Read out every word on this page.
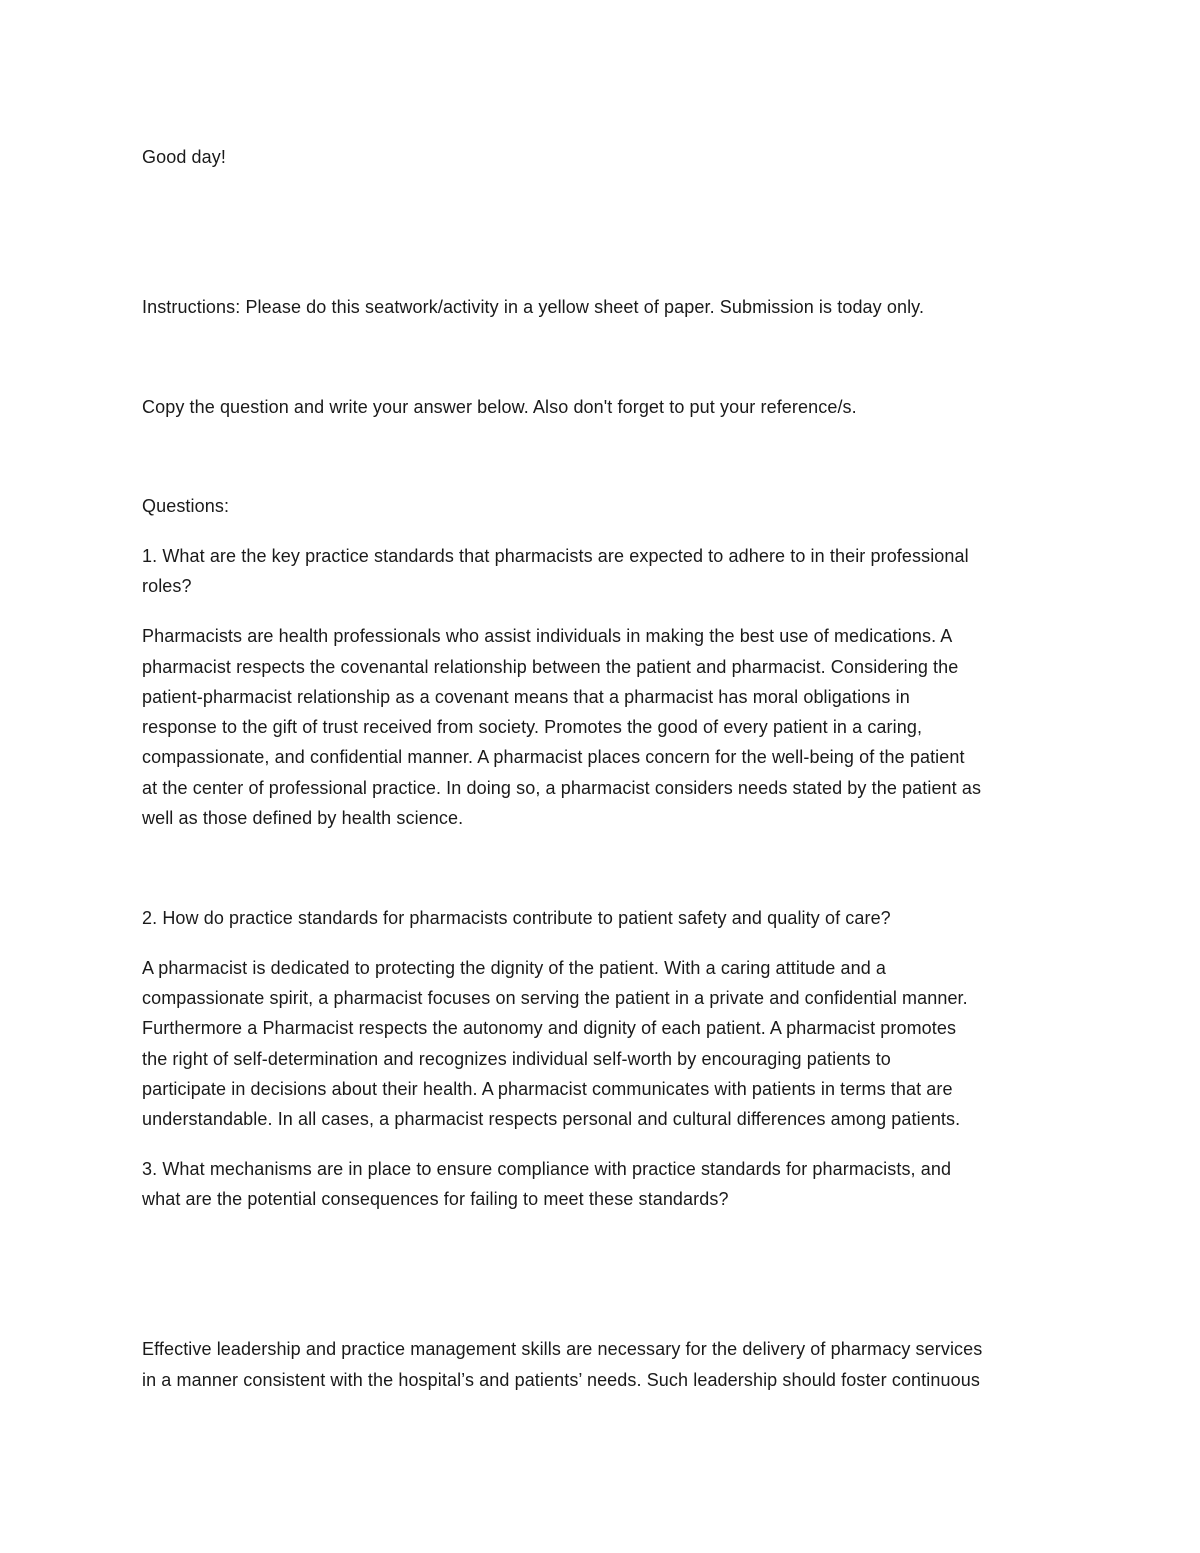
Good day!
Instructions: Please do this seatwork/activity in a yellow sheet of paper. Submission is today only.
Copy the question and write your answer below. Also don't forget to put your reference/s.
Questions:
1. What are the key practice standards that pharmacists are expected to adhere to in their professional
roles?
Pharmacists are health professionals who assist individuals in making the best use of medications. A
pharmacist respects the covenantal relationship between the patient and pharmacist. Considering the
patient-pharmacist relationship as a covenant means that a pharmacist has moral obligations in
response to the gift of trust received from society. Promotes the good of every patient in a caring,
compassionate, and confidential manner. A pharmacist places concern for the well-being of the patient
at the center of professional practice. In doing so, a pharmacist considers needs stated by the patient as
well as those defined by health science.
2. How do practice standards for pharmacists contribute to patient safety and quality of care?
A pharmacist is dedicated to protecting the dignity of the patient. With a caring attitude and a
compassionate spirit, a pharmacist focuses on serving the patient in a private and confidential manner.
Furthermore a Pharmacist respects the autonomy and dignity of each patient. A pharmacist promotes
the right of self-determination and recognizes individual self-worth by encouraging patients to
participate in decisions about their health. A pharmacist communicates with patients in terms that are
understandable. In all cases, a pharmacist respects personal and cultural differences among patients.
3. What mechanisms are in place to ensure compliance with practice standards for pharmacists, and
what are the potential consequences for failing to meet these standards?
Effective leadership and practice management skills are necessary for the delivery of pharmacy services
in a manner consistent with the hospital’s and patients’ needs. Such leadership should foster continuous
